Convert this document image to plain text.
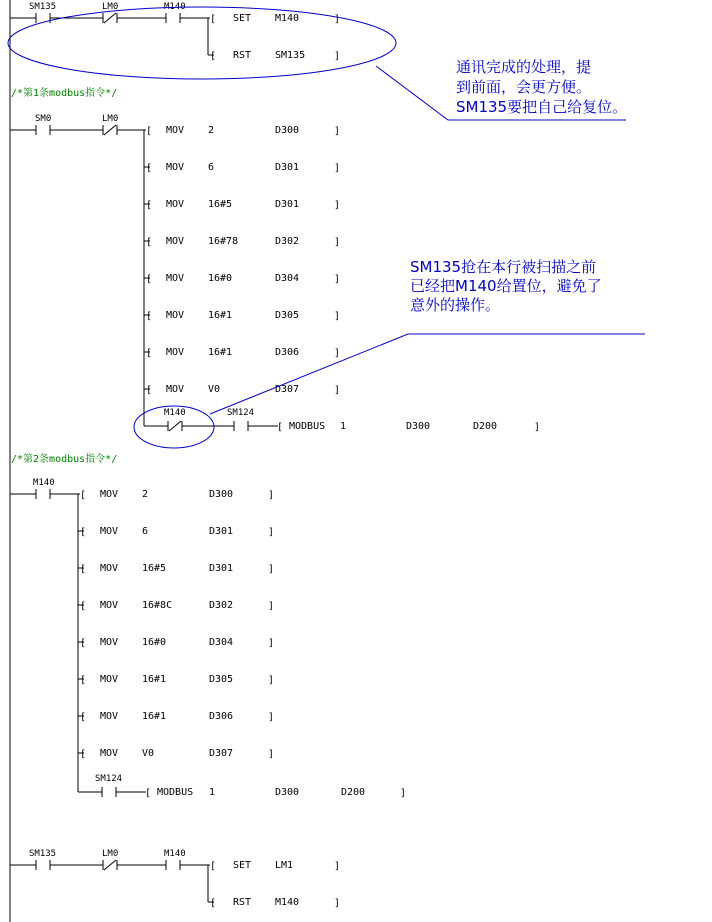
SM135	LM0	M140
[ SET M140	]
[ RST SM135	]
通讯完成的处理，提
到前面，会更方便。
SM135要把自己给复位。
/*第1条modbus指令*/
SM0	LM0
[ MOV 2	D300	]
[ MOV 6	D301	]
[ MOV 16#5	D301	]
[ MOV 16#78	D302	]
[ MOV 16#0	D304	]
[ MOV 16#1	D305	]
[ MOV 16#1	D306	]
[ MOV V0	D307	]
M140	SM124
[ MODBUS 1	D300	D200	]
SM135抢在本行被扫描之前
已经把M140给置位，避免了
意外的操作。
/*第2条modbus指令*/
M140
[ MOV 2	D300	]
[ MOV 6	D301	]
[ MOV 16#5	D301	]
[ MOV 16#8C	D302	]
[ MOV 16#0	D304	]
[ MOV 16#1	D305	]
[ MOV 16#1	D306	]
[ MOV V0	D307	]
SM124
[ MODBUS 1	D300	D200	]
SM135	LM0	M140
[ SET LM1	]
[ RST M140	]
